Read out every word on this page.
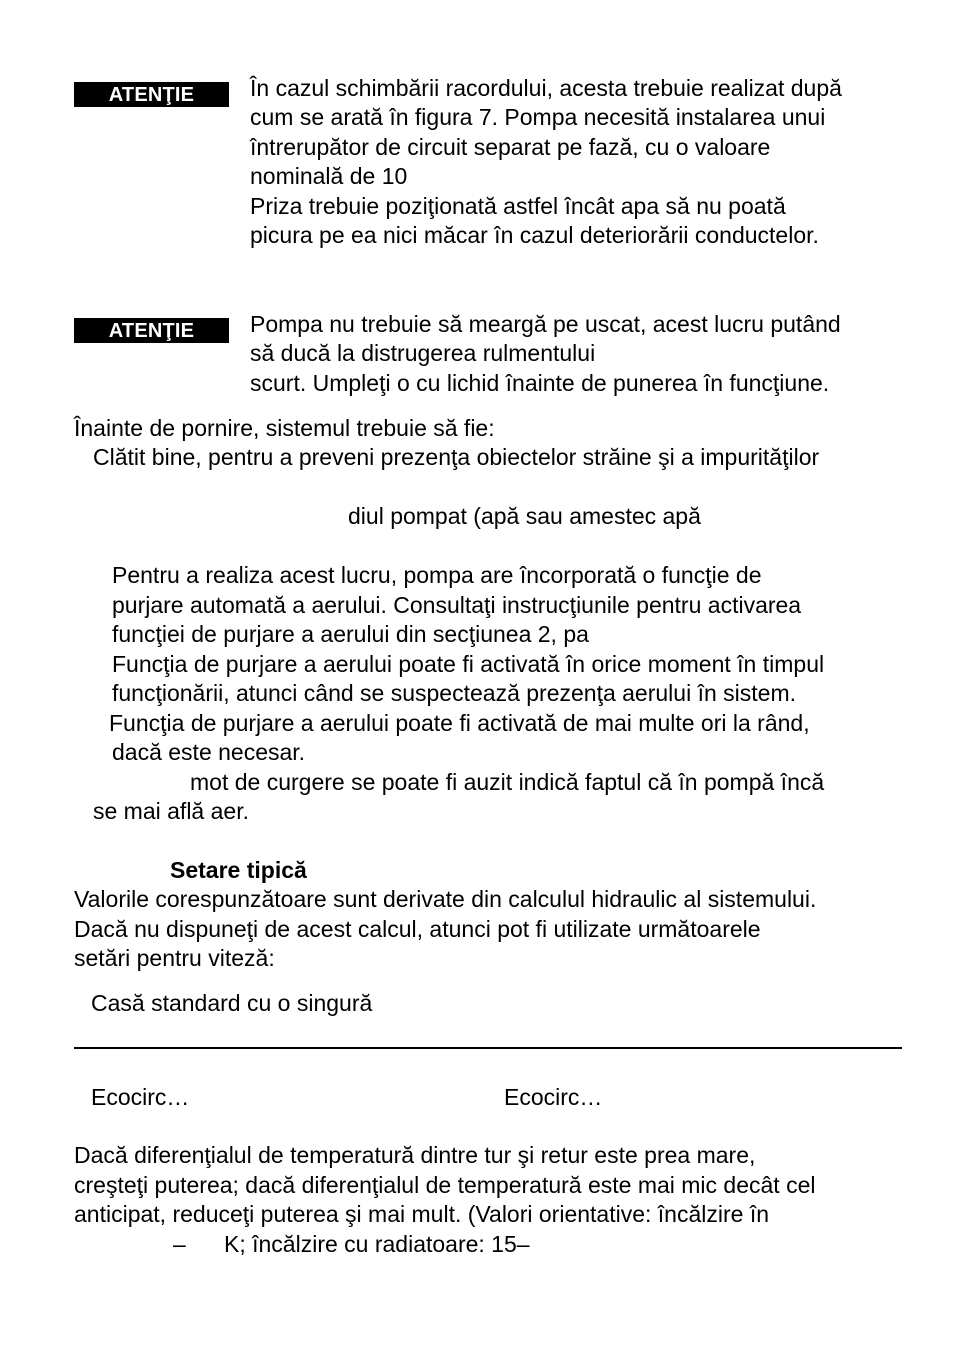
ATENŢIE	În cazul schimbării racordului, acesta trebuie realizat după
cum se arată în figura 7. Pompa necesită instalarea unui
întrerupător de circuit separat pe fază, cu o valoare
nominală de 10
Priza trebuie poziţionată astfel încât apa să nu poată
picura pe ea nici măcar în cazul deteriorării conductelor.
ATENŢIE	Pompa nu trebuie să meargă pe uscat, acest lucru putând
să ducă la distrugerea rulmentului
scurt. Umpleţi o cu lichid înainte de punerea în funcţiune.
Înainte de pornire, sistemul trebuie să fie:
Clătit bine, pentru a preveni prezenţa obiectelor străine şi a impurităţilor
diul pompat (apă sau amestec apă
Pentru a realiza acest lucru, pompa are încorporată o funcţie de
purjare automată a aerului. Consultaţi instrucţiunile pentru activarea
funcţiei de purjare a aerului din secţiunea 2, pa
Funcţia de purjare a aerului poate fi activată în orice moment în timpul
funcţionării, atunci când se suspectează prezenţa aerului în sistem.
Funcţia de purjare a aerului poate fi activată de mai multe ori la rând,
dacă este necesar.
mot de curgere se poate fi auzit indică faptul că în pompă încă
se mai află aer.
Setare tipică
Valorile corespunzătoare sunt derivate din calculul hidraulic al sistemului.
Dacă nu dispuneţi de acest calcul, atunci pot fi utilizate următoarele
setări pentru viteză:
Casă standard cu o singură
Ecocirc…	Ecocirc…
Dacă diferenţialul de temperatură dintre tur şi retur este prea mare,
creşteţi puterea; dacă diferenţialul de temperatură este mai mic decât cel
anticipat, reduceţi puterea şi mai mult. (Valori orientative: încălzire în
– K; încălzire cu radiatoare: 15–
